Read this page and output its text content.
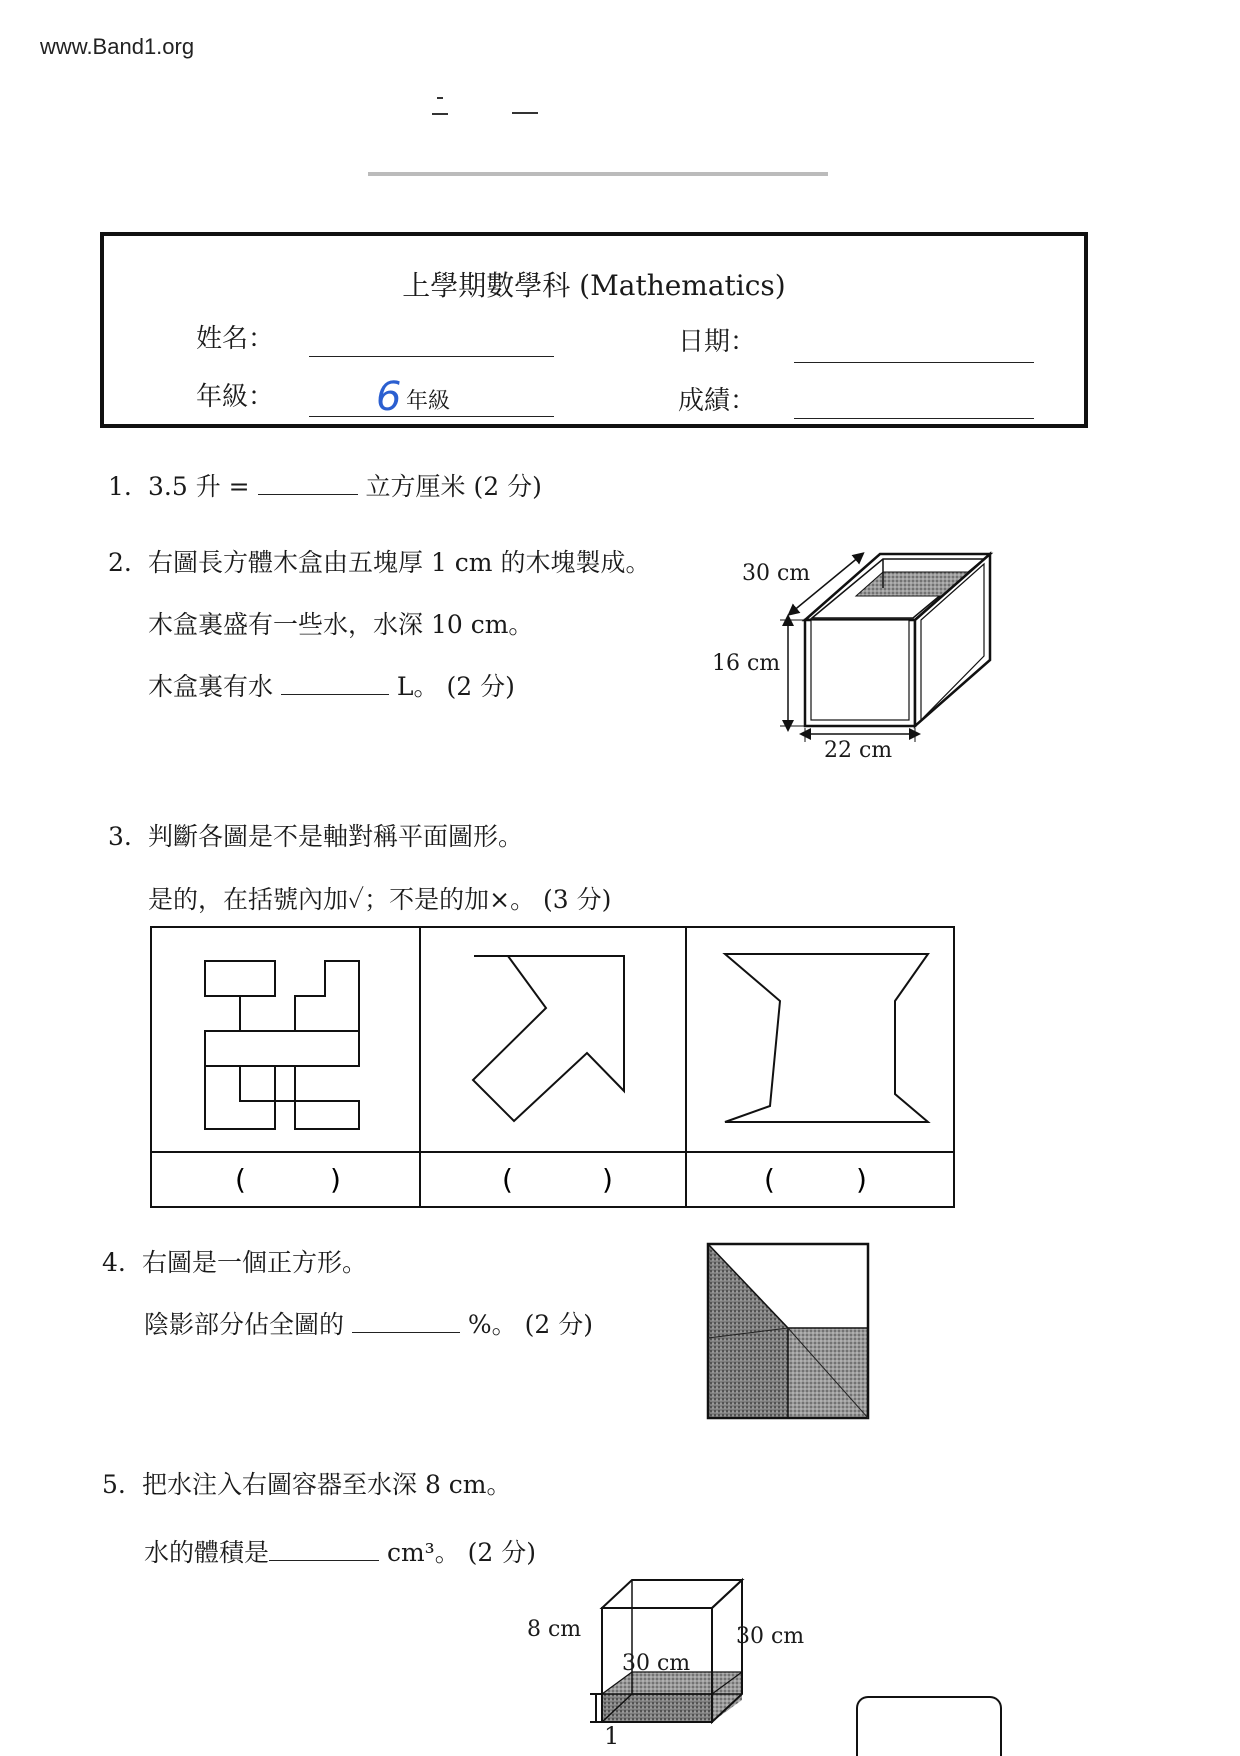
www.Band1.org
上學期數學科 (Mathematics)
姓名：	日期：
年級：	6 年級	成績：
1. 3.5 升 =	立方厘米 (2 分)
2. 右圖長方體木盒由五塊厚 1 cm 的木塊製成。
木盒裏盛有一些水，水深 10 cm。
木盒裏有水	L。 (2 分)
30 cm
16 cm
22 cm
3. 判斷各圖是不是軸對稱平面圖形。
是的，在括號內加✓；不是的加×。 (3 分)
(	)	(	)	(	)
4. 右圖是一個正方形。
陰影部分佔全圖的	%。 (2 分)
5. 把水注入右圖容器至水深 8 cm。
水的體積是	cm³。 (2 分)
8 cm	30 cm
30 cm
1
